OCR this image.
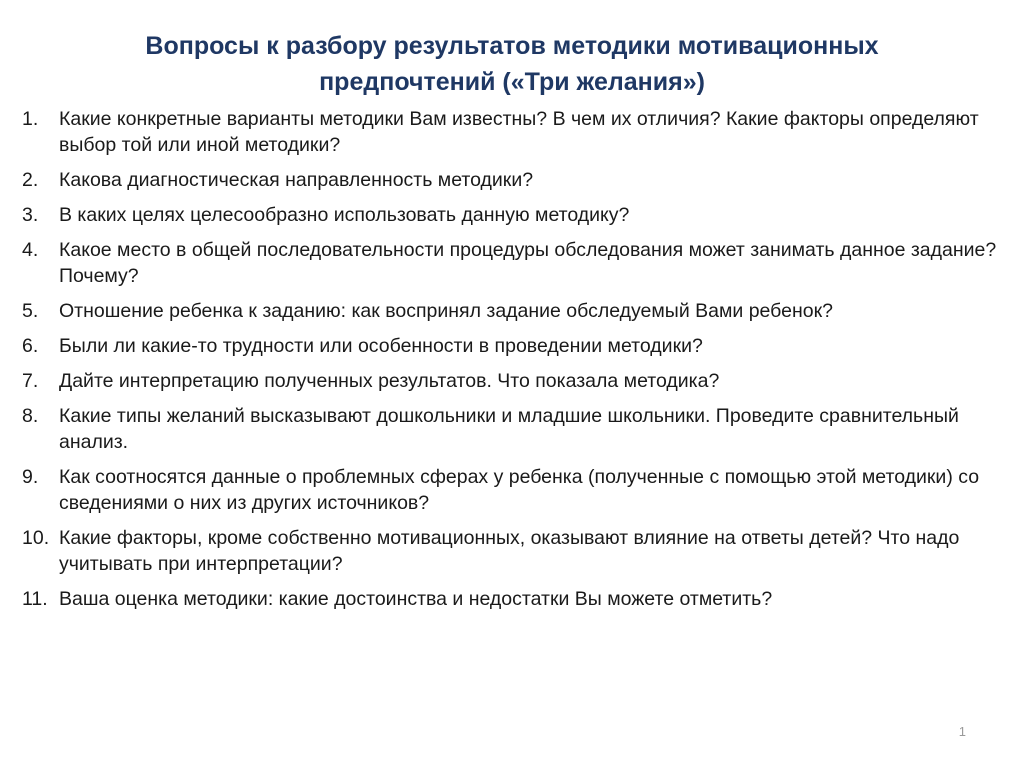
Вопросы к разбору результатов методики мотивационных
предпочтений («Три желания»)
1.	Какие конкретные варианты методики Вам известны? В чем их отличия? Какие факторы определяют выбор той или иной методики?
2.	Какова диагностическая направленность методики?
3.	В каких целях целесообразно использовать данную методику?
4.	Какое место в общей последовательности процедуры обследования может занимать данное задание? Почему?
5.	Отношение ребенка к заданию: как воспринял задание обследуемый Вами ребенок?
6.	Были ли какие-то трудности или особенности в проведении методики?
7.	Дайте интерпретацию полученных результатов. Что показала методика?
8.	Какие типы желаний высказывают дошкольники и младшие школьники. Проведите сравнительный анализ.
9.	Как соотносятся данные о проблемных сферах у ребенка (полученные с помощью этой методики) со сведениями о них из других источников?
10. Какие факторы, кроме собственно мотивационных, оказывают влияние на ответы детей? Что надо учитывать при интерпретации?
11. Ваша оценка методики: какие достоинства и недостатки Вы можете отметить?
1
